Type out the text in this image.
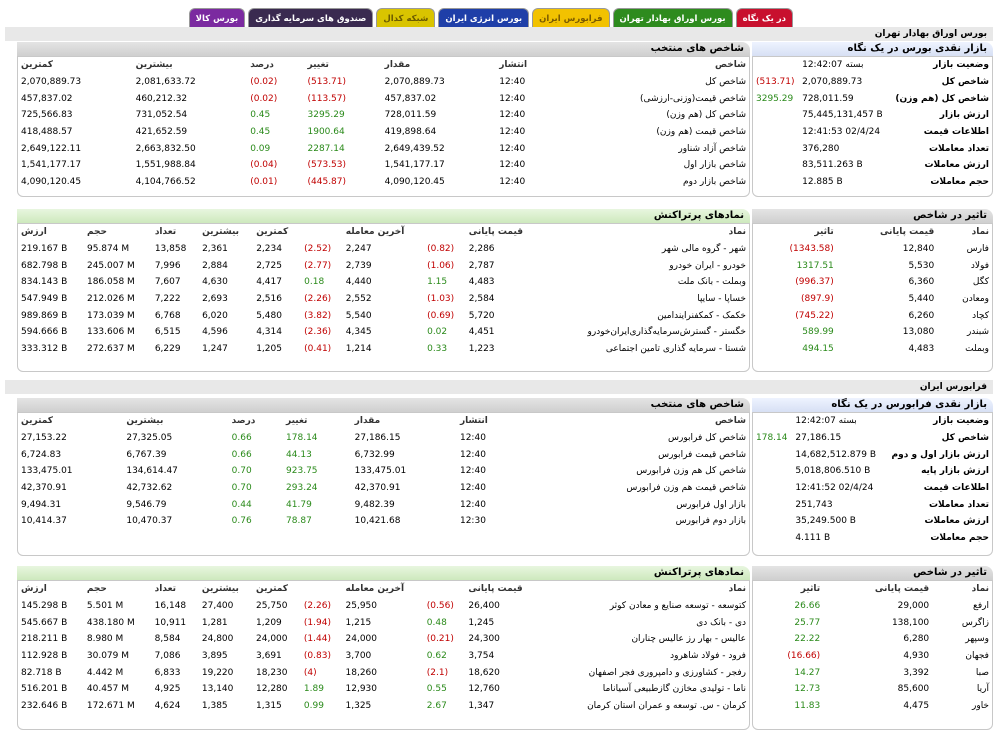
در یک نگاه
بورس اوراق بهادار تهران
فرابورس ایران
بورس انرژی ایران
شبکه کدال
صندوق های سرمایه گذاری
بورس کالا
بورس اوراق بهادار تهران
بازار نقدی بورس در یک نگاه
وضعیت بازار	بسته 12:42:07	
شاخص کل	2,070,889.73	(513.71)
شاخص کل (هم وزن)	728,011.59	3295.29
ارزش بازار	75,445,131,457 B	
اطلاعات قیمت	12:41:53 02/4/24	
تعداد معاملات	376,280	
ارزش معاملات	83,511.263 B	
حجم معاملات	12.885 B	
شاخص های منتخب
شاخص	انتشار	مقدار	تغییر	درصد	بیشترین	کمترین
شاخص کل	12:40	2,070,889.73	(513.71)	(0.02)	2,081,633.72	2,070,889.73
شاخص قیمت(وزنی-ارزشی)	12:40	457,837.02	(113.57)	(0.02)	460,212.32	457,837.02
شاخص کل (هم وزن)	12:40	728,011.59	3295.29	0.45	731,052.54	725,566.83
شاخص قیمت (هم وزن)	12:40	419,898.64	1900.64	0.45	421,652.59	418,488.57
شاخص آزاد شناور	12:40	2,649,439.52	2287.14	0.09	2,663,832.50	2,649,122.11
شاخص بازار اول	12:40	1,541,177.17	(573.53)	(0.04)	1,551,988.84	1,541,177.17
شاخص بازار دوم	12:40	4,090,120.45	(445.87)	(0.01)	4,104,766.52	4,090,120.45
تاثیر در شاخص
نماد	قیمت پایانی	تاثیر
فارس	12,840	(1343.58)
فولاد	5,530	1317.51
کگل	6,360	(996.37)
ومعادن	5,440	(897.9)
کچاد	6,260	(745.22)
شبندر	13,080	589.99
وبملت	4,483	494.15
نمادهای پرتراکنش
نماد	قیمت پایانی		آخرین معامله		کمترین	بیشترین	تعداد	حجم	ارزش
شهر - گروه مالی شهر	2,286	(0.82)	2,247	(2.52)	2,234	2,361	13,858	95.874 M	219.167 B
خودرو - ایران خودرو	2,787	(1.06)	2,739	(2.77)	2,725	2,884	7,996	245.007 M	682.798 B
وبملت - بانک ملت	4,483	1.15	4,440	0.18	4,417	4,630	7,607	186.058 M	834.143 B
خساپا - سایپا	2,584	(1.03)	2,552	(2.26)	2,516	2,693	7,222	212.026 M	547.949 B
خکمک - کمکفنرایندامین	5,720	(0.69)	5,540	(3.82)	5,480	6,020	6,768	173.039 M	989.869 B
خگستر - گسترش‌سرمایه‌گذاری‌ایران‌خودرو	4,451	0.02	4,345	(2.36)	4,314	4,596	6,515	133.606 M	594.666 B
شستا - سرمایه گذاری تامین اجتماعی	1,223	0.33	1,214	(0.41)	1,205	1,247	6,229	272.637 M	333.312 B
فرابورس ایران
بازار نقدی فرابورس در یک نگاه
وضعیت بازار	بسته 12:42:07	
شاخص کل	27,186.15	178.14
ارزش بازار اول و دوم	14,682,512.879 B	
ارزش بازار پایه	5,018,806.510 B	
اطلاعات قیمت	12:41:52 02/4/24	
تعداد معاملات	251,743	
ارزش معاملات	35,249.500 B	
حجم معاملات	4.111 B	
شاخص های منتخب
شاخص	انتشار	مقدار	تغییر	درصد	بیشترین	کمترین
شاخص کل فرابورس	12:40	27,186.15	178.14	0.66	27,325.05	27,153.22
شاخص قیمت فرابورس	12:40	6,732.99	44.13	0.66	6,767.39	6,724.83
شاخص کل هم وزن فرابورس	12:40	133,475.01	923.75	0.70	134,614.47	133,475.01
شاخص قیمت هم وزن فرابورس	12:40	42,370.91	293.24	0.70	42,732.62	42,370.91
بازار اول فرابورس	12:40	9,482.39	41.79	0.44	9,546.79	9,494.31
بازار دوم فرابورس	12:30	10,421.68	78.87	0.76	10,470.37	10,414.37
تاثیر در شاخص
نماد	قیمت پایانی	تاثیر
ارفع	29,000	26.66
زاگرس	138,100	25.77
وسپهر	6,280	22.22
فجهان	4,930	(16.66)
صبا	3,392	14.27
آریا	85,600	12.73
خاور	4,475	11.83
نمادهای پرتراکنش
نماد	قیمت پایانی		آخرین معامله		کمترین	بیشترین	تعداد	حجم	ارزش
کتوسعه - توسعه صنایع و معادن کوثر	26,400	(0.56)	25,950	(2.26)	25,750	27,400	16,148	5.501 M	145.298 B
دی - بانک دی	1,245	0.48	1,215	(1.94)	1,209	1,281	10,911	438.180 M	545.667 B
عالیس - بهار رز عالیس چناران	24,300	(0.21)	24,000	(1.44)	24,000	24,800	8,584	8.980 M	218.211 B
فرود - فولاد شاهرود	3,754	0.62	3,700	(0.83)	3,691	3,895	7,086	30.079 M	112.928 B
رفجر - کشاورزی و دامپروری فجر اصفهان	18,620	(2.1)	18,260	(4)	18,230	19,220	6,833	4.442 M	82.718 B
ناما - تولیدی مخازن گازطبیعی آسیاناما	12,760	0.55	12,930	1.89	12,280	13,140	4,925	40.457 M	516.201 B
کرمان - س. توسعه و عمران استان کرمان	1,347	2.67	1,325	0.99	1,315	1,385	4,624	172.671 M	232.646 B
